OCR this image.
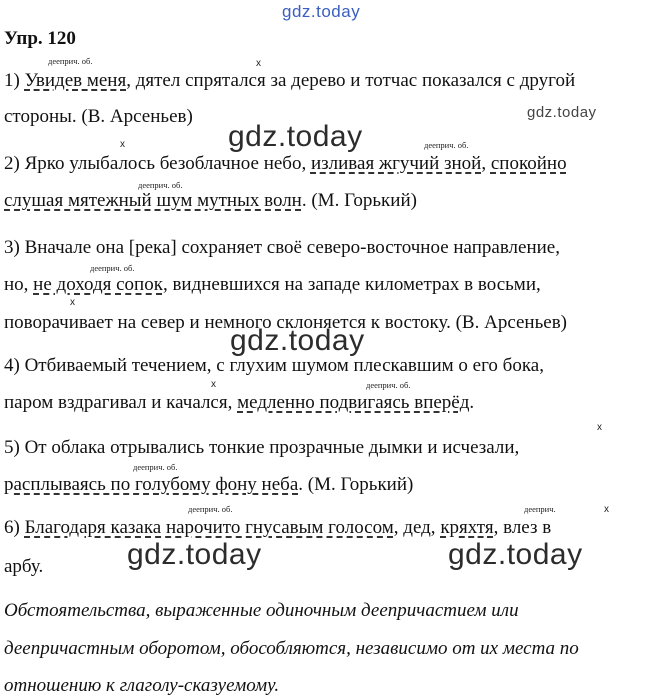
gdz.today
gdz.today
gdz.today
gdz.today
gdz.today	gdz.today
Упр. 120
дееприч. об.	x
x	дееприч. об.
дееприч. об.
дееприч. об.
x
x	дееприч. об.
x
дееприч. об.
дееприч. об.	дееприч.	x
1) Увидев меня, дятел спрятался за дерево и тотчас показался с другой
стороны. (В. Арсеньев)
2) Ярко улыбалось безоблачное небо, изливая жгучий зной, спокойно
слушая мятежный шум мутных волн. (М. Горький)
3) Вначале она [река] сохраняет своё северо-восточное направление,
но, не доходя сопок, видневшихся на западе километрах в восьми,
поворачивает на север и немного склоняется к востоку. (В. Арсеньев)
4) Отбиваемый течением, с глухим шумом плескавшим о его бока,
паром вздрагивал и качался, медленно подвигаясь вперёд.
5) От облака отрывались тонкие прозрачные дымки и исчезали,
расплываясь по голубому фону неба. (М. Горький)
6) Благодаря казака нарочито гнусавым голосом, дед, кряхтя, влез в
арбу.
Обстоятельства, выраженные одиночным деепричастием или
деепричастным оборотом, обособляются, независимо от их места по
отношению к глаголу-сказуемому.
